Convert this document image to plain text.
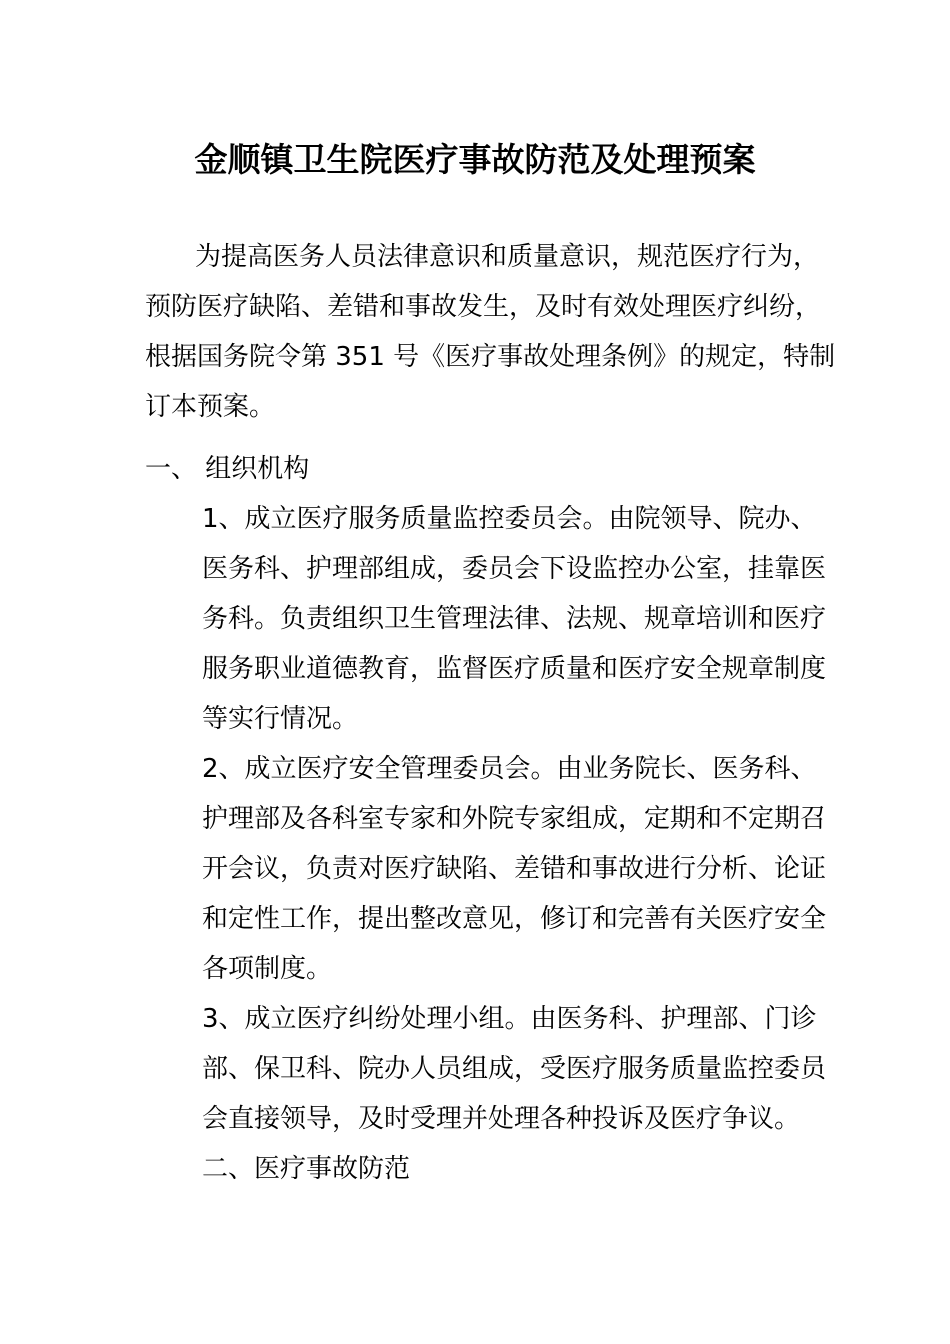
金顺镇卫生院医疗事故防范及处理预案
为提高医务人员法律意识和质量意识，规范医疗行为，
预防医疗缺陷、差错和事故发生，及时有效处理医疗纠纷，
根据国务院令第 351 号《医疗事故处理条例》的规定，特制
订本预案。
一、 组织机构
1、成立医疗服务质量监控委员会。由院领导、院办、
医务科、护理部组成，委员会下设监控办公室，挂靠医
务科。负责组织卫生管理法律、法规、规章培训和医疗
服务职业道德教育，监督医疗质量和医疗安全规章制度
等实行情况。
2、成立医疗安全管理委员会。由业务院长、医务科、
护理部及各科室专家和外院专家组成，定期和不定期召
开会议，负责对医疗缺陷、差错和事故进行分析、论证
和定性工作，提出整改意见，修订和完善有关医疗安全
各项制度。
3、成立医疗纠纷处理小组。由医务科、护理部、门诊
部、保卫科、院办人员组成，受医疗服务质量监控委员
会直接领导，及时受理并处理各种投诉及医疗争议。
二、医疗事故防范
